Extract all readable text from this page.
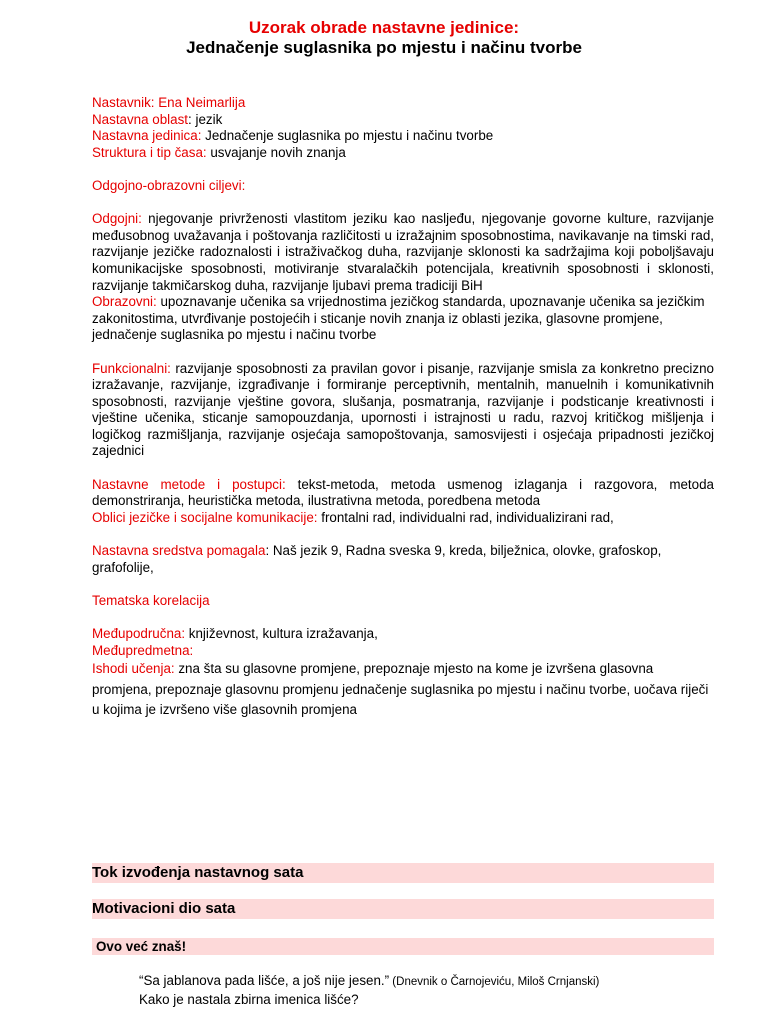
Uzorak obrade nastavne jedinice:
Jednačenje suglasnika po mjestu i načinu tvorbe
Nastavnik: Ena Neimarlija
Nastavna oblast: jezik
Nastavna jedinica: Jednačenje suglasnika po mjestu i načinu tvorbe
Struktura i tip časa: usvajanje novih znanja
Odgojno-obrazovni ciljevi:
Odgojni: njegovanje privrženosti vlastitom jeziku kao nasljeđu, njegovanje govorne kulture, razvijanje međusobnog uvažavanja i poštovanja različitosti u izražajnim sposobnostima, navikavanje na timski rad, razvijanje jezičke radoznalosti i istraživačkog duha, razvijanje sklonosti ka sadržajima koji poboljšavaju komunikacijske sposobnosti, motiviranje stvaralačkih potencijala, kreativnih sposobnosti i sklonosti, razvijanje takmičarskog duha, razvijanje ljubavi prema tradiciji BiH
Obrazovni: upoznavanje učenika sa vrijednostima jezičkog standarda, upoznavanje učenika sa jezičkim zakonitostima, utvrđivanje postojećih i sticanje novih znanja iz oblasti jezika, glasovne promjene, jednačenje suglasnika po mjestu i načinu tvorbe
Funkcionalni: razvijanje sposobnosti za pravilan govor i pisanje, razvijanje smisla za konkretno precizno izražavanje, razvijanje, izgrađivanje i formiranje perceptivnih, mentalnih, manuelnih i komunikativnih sposobnosti, razvijanje vještine govora, slušanja, posmatranja, razvijanje i podsticanje kreativnosti i vještine učenika, sticanje samopouzdanja, upornosti i istrajnosti u radu, razvoj kritičkog mišljenja i logičkog razmišljanja, razvijanje osjećaja samopoštovanja, samosvijesti i osjećaja pripadnosti jezičkoj zajednici
Nastavne metode i postupci: tekst-metoda, metoda usmenog izlaganja i razgovora, metoda demonstriranja, heuristička metoda, ilustrativna metoda, poredbena metoda
Oblici jezičke i socijalne komunikacije: frontalni rad, individualni rad, individualizirani rad,
Nastavna sredstva pomagala: Naš jezik 9, Radna sveska 9, kreda, bilježnica, olovke, grafoskop, grafofolije,
Tematska korelacija
Međupodručna: književnost, kultura izražavanja,
Međupredmetna:
Ishodi učenja: zna šta su glasovne promjene, prepoznaje mjesto na kome je izvršena glasovna promjena, prepoznaje glasovnu promjenu jednačenje suglasnika po mjestu i načinu tvorbe, uočava riječi u kojima je izvršeno više glasovnih promjena
Tok izvođenja nastavnog sata
Motivacioni dio sata
Ovo već znaš!
“Sa jablanova pada lišće, a još nije jesen.” (Dnevnik o Čarnojeviću, Miloš Crnjanski)
Kako je nastala zbirna imenica lišće?
